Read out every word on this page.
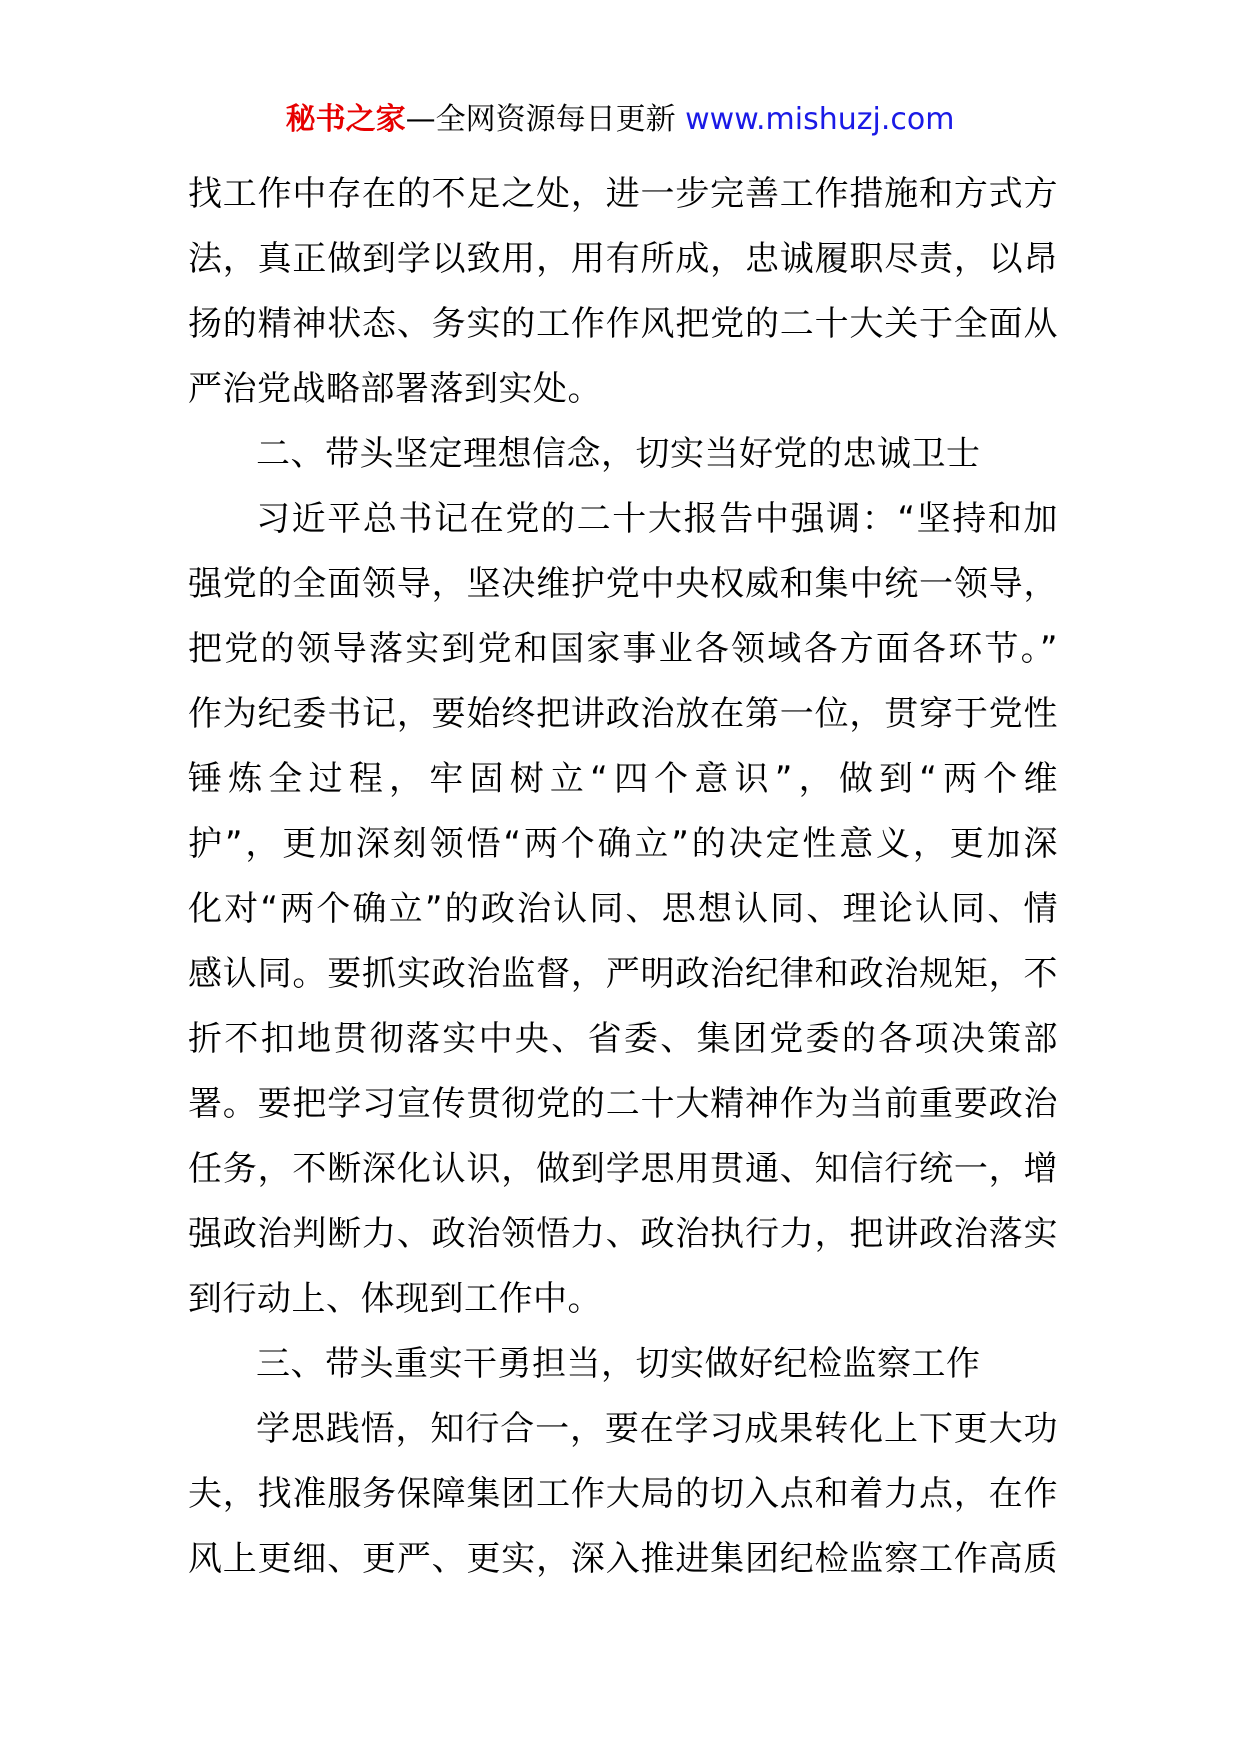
秘书之家—全网资源每日更新 www.mishuzj.com
找工作中存在的不足之处，进一步完善工作措施和方式方
法，真正做到学以致用，用有所成，忠诚履职尽责，以昂
扬的精神状态、务实的工作作风把党的二十大关于全面从
严治党战略部署落到实处。
二、带头坚定理想信念，切实当好党的忠诚卫士
习近平总书记在党的二十大报告中强调：“坚持和加
强党的全面领导，坚决维护党中央权威和集中统一领导，
把党的领导落实到党和国家事业各领域各方面各环节。”
作为纪委书记，要始终把讲政治放在第一位，贯穿于党性
锤炼全过程，牢固树立“四个意识”，做到“两个维
护”，更加深刻领悟“两个确立”的决定性意义，更加深
化对“两个确立”的政治认同、思想认同、理论认同、情
感认同。要抓实政治监督，严明政治纪律和政治规矩，不
折不扣地贯彻落实中央、省委、集团党委的各项决策部
署。要把学习宣传贯彻党的二十大精神作为当前重要政治
任务，不断深化认识，做到学思用贯通、知信行统一，增
强政治判断力、政治领悟力、政治执行力，把讲政治落实
到行动上、体现到工作中。
三、带头重实干勇担当，切实做好纪检监察工作
学思践悟，知行合一，要在学习成果转化上下更大功
夫，找准服务保障集团工作大局的切入点和着力点，在作
风上更细、更严、更实，深入推进集团纪检监察工作高质
